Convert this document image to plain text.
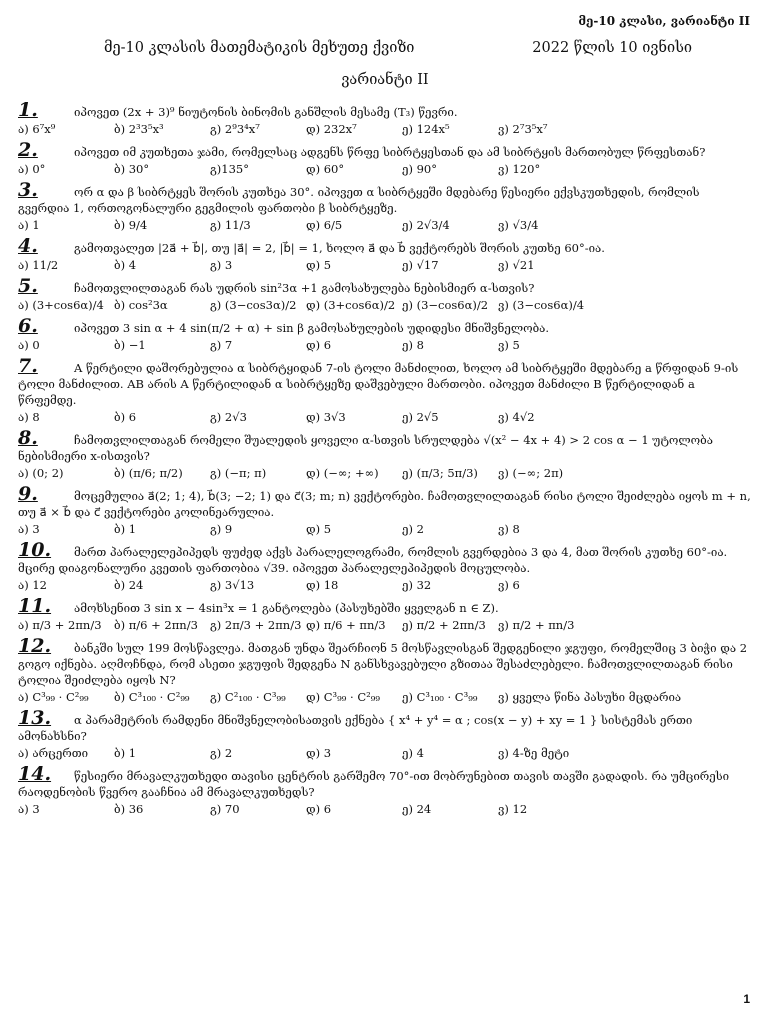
მე-10 კლასი, ვარიანტი II
მე-10 კლასის მათემატიკის მეხუთე ქვიზი	2022 წლის 10 ივნისი
ვარიანტი II
1.	იპოვეთ (2x + 3)⁹ ნიუტონის ბინომის განშლის მესამე (T₃) წევრი.
ა) 6⁷x⁹	ბ) 2³3⁵x³	გ) 2⁹3⁴x⁷	დ) 232x⁷	ე) 124x⁵	ვ) 2⁷3⁵x⁷
2.	იპოვეთ იმ კუთხეთა ჯამი, რომელსაც ადგენს წრფე სიბრტყესთან და ამ სიბრტყის მართობულ წრფესთან?
ა) 0°	ბ) 30°	გ)135°	დ) 60°	ე) 90°	ვ) 120°
3.	ორ α და β სიბრტყეს შორის კუთხეა 30°. იპოვეთ α სიბრტყეში მდებარე წესიერი ექვსკუთხედის, რომლის გვერდია 1, ორთოგონალური გეგმილის ფართობი β სიბრტყეზე.
ა) 1	ბ) 9/4	გ) 11/3	დ) 6/5	ე) 2√3/4	ვ) √3/4
4.	გამოთვალეთ |2a⃗ + b⃗|, თუ |a⃗| = 2, |b⃗| = 1, ხოლო a⃗ და b⃗ ვექტორებს შორის კუთხე 60°-ია.
ა) 11/2	ბ) 4	გ) 3	დ) 5	ე) √17	ვ) √21
5.	ჩამოთვლილთაგან რას უდრის sin²3α +1 გამოსახულება ნებისმიერ α-სთვის?
ა) (3+cos6α)/4 ბ) cos²3α	გ) (3−cos3α)/2 დ) (3+cos6α)/2 ე) (3−cos6α)/2 ვ) (3−cos6α)/4
6.	იპოვეთ 3 sin α + 4 sin(π/2 + α) + sin β გამოსახულების უდიდესი მნიშვნელობა.
ა) 0	ბ) −1	გ) 7	დ) 6	ე) 8	ვ) 5
7.	A წერტილი დაშორებულია α სიბრტყიდან 7-ის ტოლი მანძილით, ხოლო ამ სიბრტყეში მდებარე a წრფიდან 9-ის ტოლი მანძილით. AB არის A წერტილიდან α სიბრტყეზე დაშვებული მართობი. იპოვეთ მანძილი B წერტილიდან a წრფემდე.
ა) 8	ბ) 6	გ) 2√3	დ) 3√3	ე) 2√5	ვ) 4√2
8.	ჩამოთვლილთაგან რომელი შუალედის ყოველი α-სთვის სრულდება √(x² − 4x + 4) > 2 cos α − 1 უტოლობა ნებისმიერი x-ისთვის?
ა) (0; 2)	ბ) (π/6; π/2)	გ) (−π; π)	დ) (−∞; +∞)	ე) (π/3; 5π/3)	ვ) (−∞; 2π)
9.	მოცემულია a⃗(2; 1; 4), b⃗(3; −2; 1) და c⃗(3; m; n) ვექტორები. ჩამოთვლილთაგან რისი ტოლი შეიძლება იყოს m + n, თუ a⃗ × b⃗ და c⃗ ვექტორები კოლინეარულია.
ა) 3	ბ) 1	გ) 9	დ) 5	ე) 2	ვ) 8
10. მართ პარალელეპიპედს ფუძედ აქვს პარალელოგრამი, რომლის გვერდებია 3 და 4, მათ შორის კუთხე 60°-ია. მცირე დიაგონალური კვეთის ფართობია √39. იპოვეთ პარალელეპიპედის მოცულობა.
ა) 12	ბ) 24	გ) 3√13	დ) 18	ე) 32	ვ) 6
11. ამოხსენით 3 sin x − 4sin³x = 1 განტოლება (პასუხებში ყველგან n ∈ Z).
ა) π/3 + 2πn/3	ბ) π/6 + 2πn/3	გ) 2π/3 + 2πn/3 დ) π/6 + πn/3	ე) π/2 + 2πn/3	ვ) π/2 + πn/3
12. ბანკში სულ 199 მოსწავლეა. მათგან უნდა შეარჩიონ 5 მოსწავლისგან შედგენილი ჯგუფი, რომელშიც 3 ბიჭი და 2 გოგო იქნება. აღმოჩნდა, რომ ასეთი ჯგუფის შედგენა N განსხვავებული გზითაა შესაძლებელი. ჩამოთვლილთაგან რისი ტოლია შეიძლება იყოს N?
ა) C³₉₉ · C²₉₉	ბ) C³₁₀₀ · C²₉₉	გ) C²₁₀₀ · C³₉₉	დ) C³₉₉ · C²₉₉	ე) C³₁₀₀ · C³₉₉	ვ) ყველა წინა პასუხი მცდარია
13. α პარამეტრის რამდენი მნიშვნელობისათვის ექნება { x⁴ + y⁴ = α ; cos(x − y) + xy = 1 } სისტემას ერთი ამონახსნი?
ა) არცერთი	ბ) 1	გ) 2	დ) 3	ე) 4	ვ) 4-ზე მეტი
14. წესიერი მრავალკუთხედი თავისი ცენტრის გარშემო 70°-ით მობრუნებით თავის თავში გადადის. რა უმცირესი რაოდენობის წვერო გააჩნია ამ მრავალკუთხედს?
ა) 3	ბ) 36	გ) 70	დ) 6	ე) 24	ვ) 12
1
